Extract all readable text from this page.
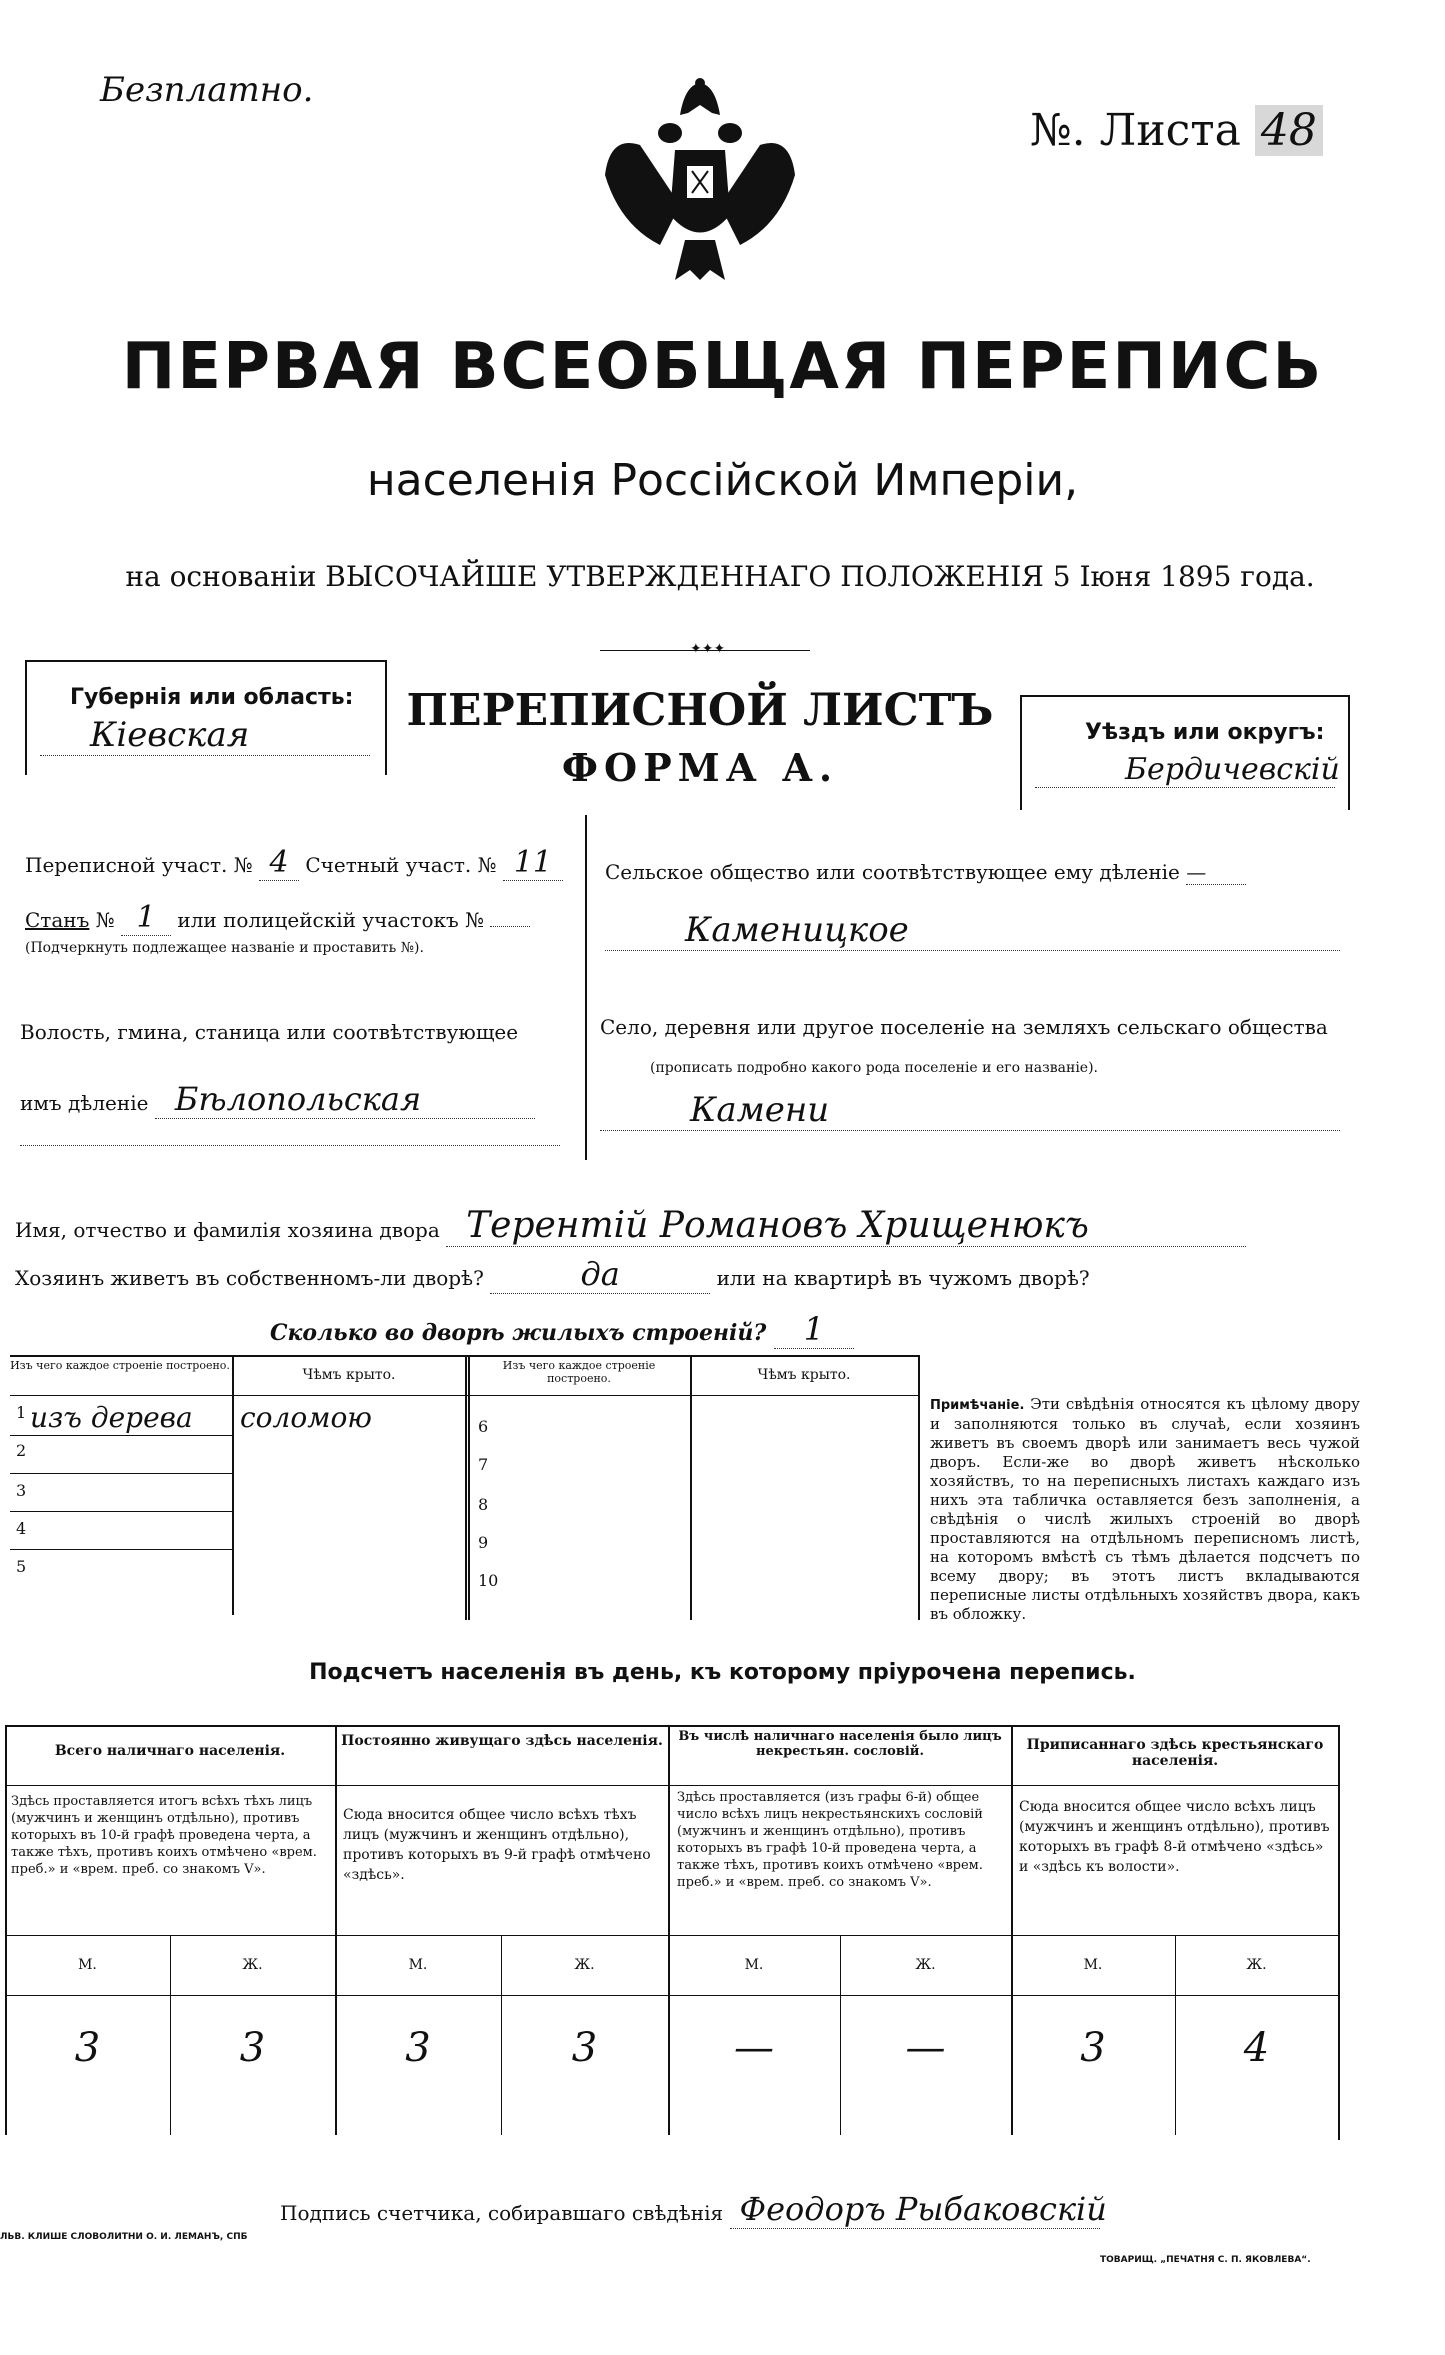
Безплатно.
№. Листа 48
ПЕРВАЯ ВСЕОБЩАЯ ПЕРЕПИСЬ
населенія Россійской Имперіи,
на основаніи ВЫСОЧАЙШЕ УТВЕРЖДЕННАГО ПОЛОЖЕНІЯ 5 Іюня 1895 года.
✦✦✦
Губернія или область:
Кіевская	ПЕРЕПИСНОЙ ЛИСТЪ
ФОРМА А.
Уѣздъ или округъ:
Бердичевскій
Переписной участ. № 4 Счетный участ. № 11
Станъ № 1 или полицейскій участокъ №
(Подчеркнуть подлежащее названіе и проставить №).
Волость, гмина, станица или соотвѣтствующее
имъ дѣленіе Бѣлопольская
Сельское общество или соотвѣтствующее ему дѣленіе —
Каменицкое
Село, деревня или другое поселеніе на земляхъ сельскаго общества
(прописать подробно какого рода поселеніе и его названіе).
Камени
Имя, отчество и фамилія хозяина двора Терентій Романовъ Хрищенюкъ
Хозяинъ живетъ въ собственномъ-ли дворѣ?	да	или на квартирѣ въ чужомъ дворѣ?
Сколько во дворѣ жилыхъ строеній? 1
Изъ чего каждое строеніе построено.
Чѣмъ крыто.
Изъ чего каждое строеніе построено.	Чѣмъ крыто.
1 изъ дерева соломою
2
3
4
5
6
7
8
9
10
Примѣчаніе. Эти свѣдѣнія относятся къ цѣлому двору и заполняются только въ случаѣ, если хозяинъ живетъ въ своемъ дворѣ или занимаетъ весь чужой дворъ. Если-же во дворѣ живетъ нѣсколько хозяйствъ, то на переписныхъ листахъ каждаго изъ нихъ эта табличка оставляется безъ заполненія, а свѣдѣнія о числѣ жилыхъ строеній во дворѣ проставляются на отдѣльномъ переписномъ листѣ, на которомъ вмѣстѣ съ тѣмъ дѣлается подсчетъ по всему двору; въ этотъ листъ вкладываются переписные листы отдѣльныхъ хозяйствъ двора, какъ въ обложку.
Подсчетъ населенія въ день, къ которому пріурочена перепись.
Всего наличнаго населенія.
Здѣсь проставляется итогъ всѣхъ тѣхъ лицъ (мужчинъ и женщинъ отдѣльно), противъ которыхъ въ 10-й графѣ проведена черта, а также тѣхъ, противъ коихъ отмѣчено «врем. преб.» и «врем. преб. со знакомъ V».
М.	Ж.
3	3
Постоянно живущаго здѣсь населенія.
Сюда вносится общее число всѣхъ тѣхъ лицъ (мужчинъ и женщинъ отдѣльно), противъ которыхъ въ 9-й графѣ отмѣчено «здѣсь».
М.	Ж.
3	3
Въ числѣ наличнаго населенія было лицъ некрестьян. сословій.
Здѣсь проставляется (изъ графы 6-й) общее число всѣхъ лицъ некрестьянскихъ сословій (мужчинъ и женщинъ отдѣльно), противъ которыхъ въ графѣ 10-й проведена черта, а также тѣхъ, противъ коихъ отмѣчено «врем. преб.» и «врем. преб. со знакомъ V».
М.	Ж.
—	—
Приписаннаго здѣсь крестьянскаго населенія.
Сюда вносится общее число всѣхъ лицъ (мужчинъ и женщинъ отдѣльно), противъ которыхъ въ графѣ 8-й отмѣчено «здѣсь» и «здѣсь къ волости».
М.	Ж.
3	4
Подпись счетчика, собиравшаго свѣдѣнія Феодоръ Рыбаковскій
ЛЬВ. КЛИШЕ СЛОВОЛИТНИ О. И. ЛЕМАНЪ, СПБ
ТОВАРИЩ. „ПЕЧАТНЯ С. П. ЯКОВЛЕВА“.
